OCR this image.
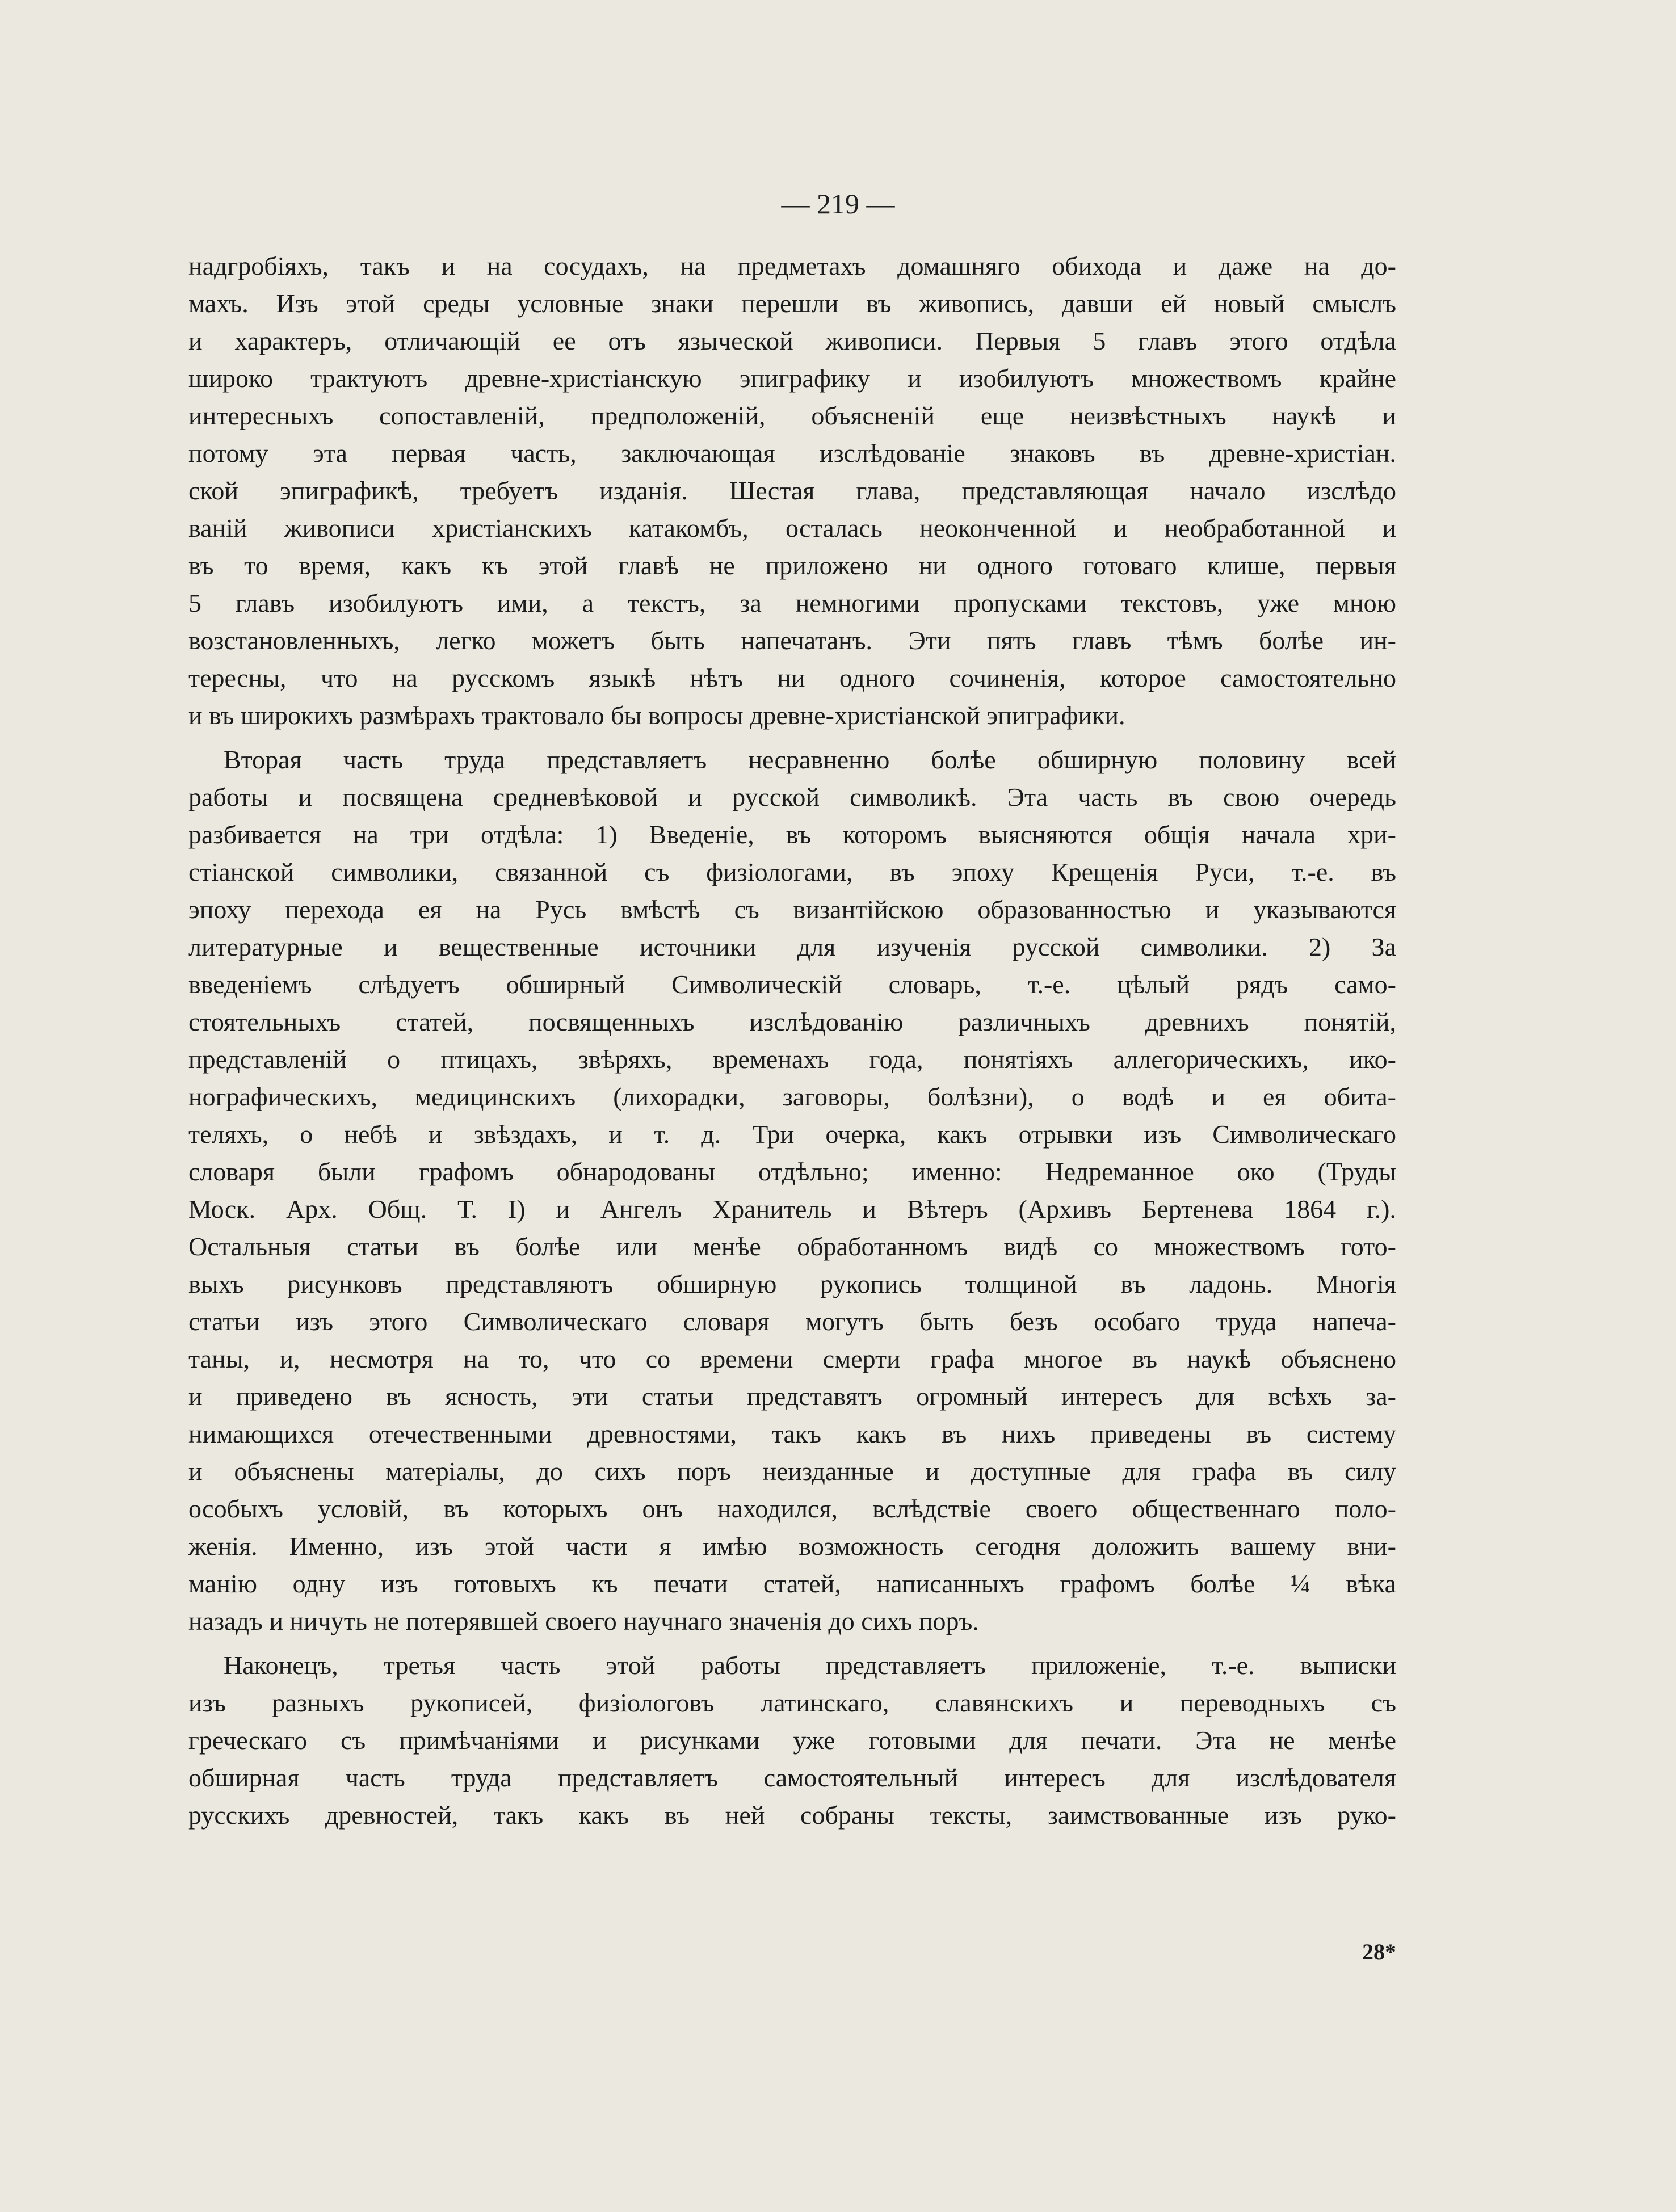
— 219 —
надгробіяхъ, такъ и на сосудахъ, на предметахъ домашняго обихода и даже на до-
махъ. Изъ этой среды условные знаки перешли въ живопись, давши ей новый смыслъ
и характеръ, отличающій ее отъ языческой живописи. Первыя 5 главъ этого отдѣла
широко трактуютъ древне-христіанскую эпиграфику и изобилуютъ множествомъ крайне
интересныхъ сопоставленій, предположеній, объясненій еще неизвѣстныхъ наукѣ и
потому эта первая часть, заключающая изслѣдованіе знаковъ въ древне-христіан.
ской эпиграфикѣ, требуетъ изданія. Шестая глава, представляющая начало изслѣдо
ваній живописи христіанскихъ катакомбъ, осталась неоконченной и необработанной и
въ то время, какъ къ этой главѣ не приложено ни одного готоваго клише, первыя
5 главъ изобилуютъ ими, а текстъ, за немногими пропусками текстовъ, уже мною
возстановленныхъ, легко можетъ быть напечатанъ. Эти пять главъ тѣмъ болѣе ин-
тересны, что на русскомъ языкѣ нѣтъ ни одного сочиненія, которое самостоятельно
и въ широкихъ размѣрахъ трактовало бы вопросы древне-христіанской эпиграфики.
Вторая часть труда представляетъ несравненно болѣе обширную половину всей
работы и посвящена средневѣковой и русской символикѣ. Эта часть въ свою очередь
разбивается на три отдѣла: 1) Введеніе, въ которомъ выясняются общія начала хри-
стіанской символики, связанной съ физіологами, въ эпоху Крещенія Руси, т.-е. въ
эпоху перехода ея на Русь вмѣстѣ съ византійскою образованностью и указываются
литературные и вещественные источники для изученія русской символики. 2) За
введеніемъ слѣдуетъ обширный Символическій словарь, т.-е. цѣлый рядъ само-
стоятельныхъ статей, посвященныхъ изслѣдованію различныхъ древнихъ понятій,
представленій о птицахъ, звѣряхъ, временахъ года, понятіяхъ аллегорическихъ, ико-
нографическихъ, медицинскихъ (лихорадки, заговоры, болѣзни), о водѣ и ея обита-
теляхъ, о небѣ и звѣздахъ, и т. д. Три очерка, какъ отрывки изъ Символическаго
словаря были графомъ обнародованы отдѣльно; именно: Недреманное око (Труды
Моск. Арх. Общ. Т. I) и Ангелъ Хранитель и Вѣтеръ (Архивъ Бертенева 1864 г.).
Остальныя статьи въ болѣе или менѣе обработанномъ видѣ со множествомъ гото-
выхъ рисунковъ представляютъ обширную рукопись толщиной въ ладонь. Многія
статьи изъ этого Символическаго словаря могутъ быть безъ особаго труда напеча-
таны, и, несмотря на то, что со времени смерти графа многое въ наукѣ объяснено
и приведено въ ясность, эти статьи представятъ огромный интересъ для всѣхъ за-
нимающихся отечественными древностями, такъ какъ въ нихъ приведены въ систему
и объяснены матеріалы, до сихъ поръ неизданные и доступные для графа въ силу
особыхъ условій, въ которыхъ онъ находился, вслѣдствіе своего общественнаго поло-
женія. Именно, изъ этой части я имѣю возможность сегодня доложить вашему вни-
манію одну изъ готовыхъ къ печати статей, написанныхъ графомъ болѣе ¼ вѣка
назадъ и ничуть не потерявшей своего научнаго значенія до сихъ поръ.
Наконецъ, третья часть этой работы представляетъ приложеніе, т.-е. выписки
изъ разныхъ рукописей, физіологовъ латинскаго, славянскихъ и переводныхъ съ
греческаго съ примѣчаніями и рисунками уже готовыми для печати. Эта не менѣе
обширная часть труда представляетъ самостоятельный интересъ для изслѣдователя
русскихъ древностей, такъ какъ въ ней собраны тексты, заимствованные изъ руко-
28*
